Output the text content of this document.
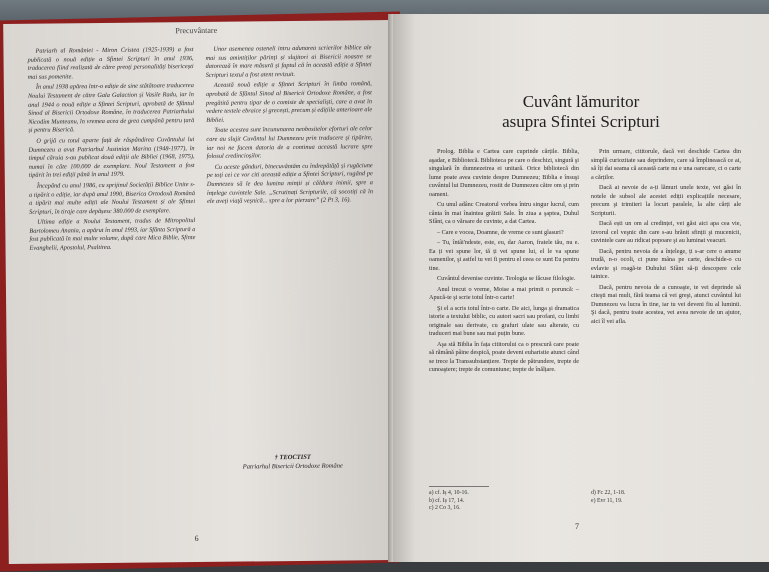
Precuvântare

Patriarh al României - Miron Cristea (1925-1939) a fost publicată o nouă ediție a Sfintei Scripturi în anul 1936, traducerea fiind realizată de către preoți personalități bisericești mai sus pomenite.

În anul 1938 apărea într-o ediție de sine stătătoare traducerea Noului Testament de către Gala Galaction și Vasile Radu, iar în anul 1944 o nouă ediție a Sfintei Scripturi, aprobată de Sfântul Sinod al Bisericii Ortodoxe Române, în traducerea Patriarhului Nicodim Munteanu, în vremea acea de grea cumpănă pentru țară și pentru Biserică.

O grijă cu totul aparte față de răspândirea Cuvântului lui Dumnezeu a avut Patriarhul Justinian Marina (1948-1977), în timpul căruia s-au publicat două ediții ale Bibliei (1968, 1975), numai în câte 100.000 de exemplare. Noul Testament a fost tipărit în trei ediții până în anul 1979.

Începând cu anul 1986, cu sprijinul Societății Biblice Unite s-a tipărit o ediție, iar după anul 1990, Biserica Ortodoxă Română a tipărit mai multe ediții ale Noului Testament și ale Sfintei Scripturi, în tiraje care depășesc 380.000 de exemplare.

Ultima ediție a Noului Testament, tradus de Mitropolitul Bartolomeu Anania, a apărut în anul 1993, iar Sfânta Scriptură a fost publicată în mai multe volume, după care Mica Biblie, Sfinte Evanghelii, Apostolul, Psaltirea.

Unor asemenea osteneli intru adunarea scrierilor biblice ale mai sus amintiților părinți și slujitori ai Bisericii noastre se datorează în mare măsură și faptul că în această ediție a Sfintei Scripturi textul a fost atent revizuit.

Această nouă ediție a Sfintei Scripturi în limba română, aprobată de Sfântul Sinod al Bisericii Ortodoxe Române, a fost pregătită pentru tipar de o comisie de specialiști, care a avut în vedere textele ebraice și grecești, precum și edițiile anterioare ale Bibliei.

Toate acestea sunt încununarea neobositelor eforturi ale celor care au slujit Cuvântul lui Dumnezeu prin traducere și tipărire, iar noi ne facem datoria de a continua această lucrare spre folosul credincioșilor.

Cu aceste gânduri, binecuvântăm cu îndrepătăță și rugăciune pe toți cei ce vor citi această ediție a Sfintei Scripturi, rugând pe Dumnezeu să le dea lumina minții și căldura inimii, spre a înțelege cuvintele Sale. „Scrutinați Scripturile, că socotiți că în ele aveți viață veșnică... spre a lor pierzare” (2 Pt 3, 16).

† TEOCTIST
Patriarhul Bisericii Ortodoxe Române
6
Cuvânt lămuritor
asupra Sfintei Scripturi

Prolog. Biblia e Cartea care cuprinde cărțile. Biblia, aşadar, e Bibliotecă. Biblioteca pe care o deschizi, singură şi singulară în dumnezeirea ei unitară. Orice bibliotecă din lume poate avea cuvinte despre Dumnezeu; Biblia e însuşi cuvântul lui Dumnezeu, rostit de Dumnezeu către om şi prin oameni.

Cu unul adânc Creatorul vorbea întru singur lucrul, cum cânta în mai înaintea grăirii Sale. În ziua a şaptea, Duhul Sfânt, ca o vărsare de cuvinte, a dat Cartea.

– Care e vocea, Doamne, de vreme ce sunt glasuri?

– Tu, întâi'ndeste, este, eu, dar Aaron, fratele tău, nu e. Ea ți vei spune lor, tă ți vei spune lui, el le va spune oamenilor, şi astfel tu vei fi pentru el ceea ce sunt Eu pentru tine.

Cuvântul devenise cuvinte. Teologia se făcuse filologie.

Anul trecut o vreme, Moise a mai primit o poruncă: – Apucă-te şi scrie totul într-o carte!

Şi el a scris totul într-o carte. De aici, lunga şi dramatica istorie a textului biblic, cu autori sacri sau profani, cu limbi originale sau derivate, cu grafuri ulate sau alterate, cu traduceri mai bune sau mai puțin bune.

Aşa stă Biblia în fața cititorului ca o prescură care poate să rămână pâine despică, poate deveni euharistie atunci când se trece la Transsubstanțiere. Trepte de pătrundere, trepte de cunoaştere; trepte de comuniune; trepte de înălțare.

Prin urmare, cititorule, dacă vei deschide Cartea din simplă curiozitate sau deprindere, care să împlinească ce ai, să îți dai seama că această carte nu e una oarecare, ci o carte a cărților.

Dacă ai nevoie de a-ți lămuri unele texte, vei găsi în notele de subsol ale acestei ediții explicațiile necesare, precum şi trimiteri la locuri paralele, la alte cărți ale Scripturii.

Dacă ești un om al credinței, vei găsi aici apa cea vie, izvorul cel veşnic din care s-au hrănit sfinții şi mucenicii, cuvintele care au ridicat popoare şi au luminat veacuri.

Dacă, pentru nevoia de a înțelege, ți s-ar cere o anume trudă, n-o ocoli, ci pune mâna pe carte, deschide-o cu evlavie şi roagă-te Duhului Sfânt să-ți descopere cele tainice.

Dacă, pentru nevoia de a cunoaşte, te vei deprinde să citeşti mai mult, fără teama că vei greşi, atunci cuvântul lui Dumnezeu va lucra în tine, iar tu vei deveni fiu al luminii. Şi dacă, pentru toate acestea, vei avea nevoie de un ajutor, aici îl vei afla.

a) cf. Iș 4, 10-16.
b) cf. Iș 17, 14.
c) 2 Co 3, 16.
d) Fc 22, 1-18.
e) Evr 11, 19.
7
